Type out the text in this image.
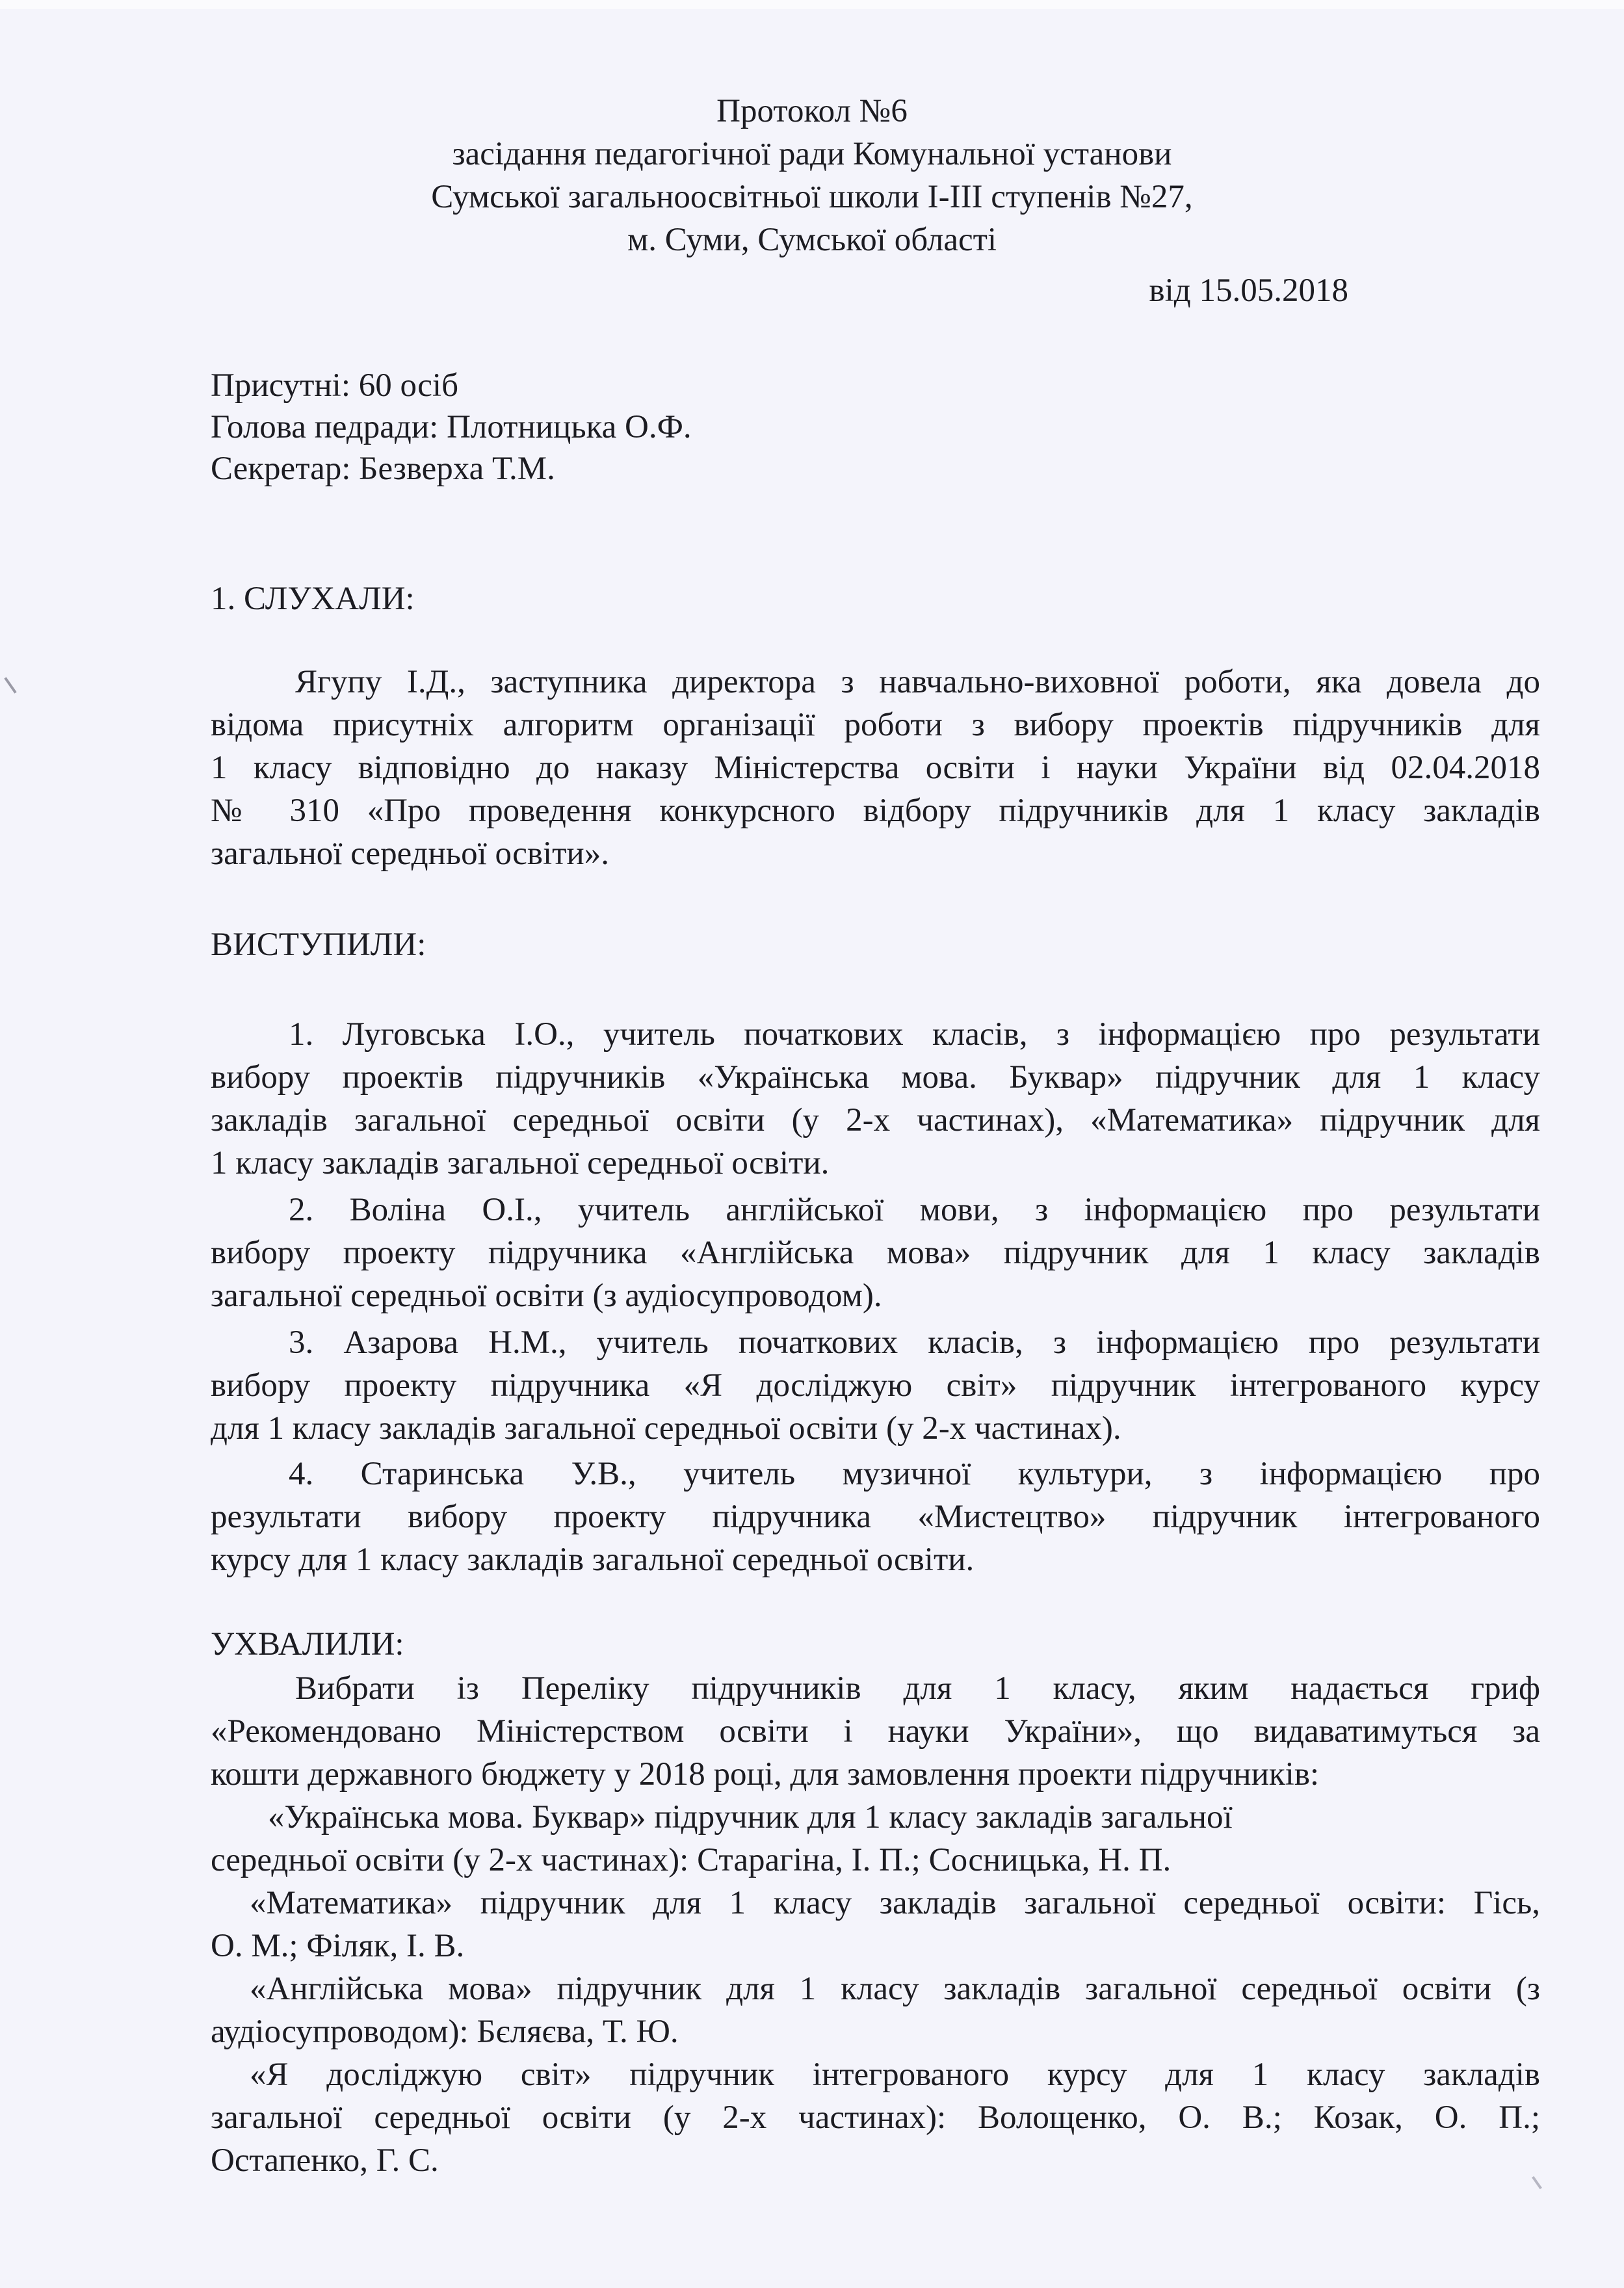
Протокол №6
засідання педагогічної ради Комунальної установи
Сумської загальноосвітньої школи І-ІІІ ступенів №27,
м. Суми, Сумської області
від 15.05.2018
Присутні: 60 осіб
Голова педради: Плотницька О.Ф.
Секретар: Безверха Т.М.
1. СЛУХАЛИ:
Ягупу І.Д., заступника директора з навчально-виховної роботи, яка довела до
відома присутніх алгоритм організації роботи з вибору проектів підручників для
1 класу відповідно до наказу Міністерства освіти і науки України від 02.04.2018
№ 310 «Про проведення конкурсного відбору підручників для 1 класу закладів
загальної середньої освіти».
ВИСТУПИЛИ:
1. Луговська І.О., учитель початкових класів, з інформацією про результати
вибору проектів підручників «Українська мова. Буквар» підручник для 1 класу
закладів загальної середньої освіти (у 2-х частинах), «Математика» підручник для
1 класу закладів загальної середньої освіти.
2. Воліна О.І., учитель англійської мови, з інформацією про результати
вибору проекту підручника «Англійська мова» підручник для 1 класу закладів
загальної середньої освіти (з аудіосупроводом).
3. Азарова Н.М., учитель початкових класів, з інформацією про результати
вибору проекту підручника «Я досліджую світ» підручник інтегрованого курсу
для 1 класу закладів загальної середньої освіти (у 2-х частинах).
4. Старинська У.В., учитель музичної культури, з інформацією про
результати вибору проекту підручника «Мистецтво» підручник інтегрованого
курсу для 1 класу закладів загальної середньої освіти.
УХВАЛИЛИ:
Вибрати із Переліку підручників для 1 класу, яким надається гриф
«Рекомендовано Міністерством освіти і науки України», що видаватимуться за
кошти державного бюджету у 2018 році, для замовлення проекти підручників:
«Українська мова. Буквар» підручник для 1 класу закладів загальної
середньої освіти (у 2-х частинах): Старагіна, І. П.; Сосницька, Н. П.
«Математика» підручник для 1 класу закладів загальної середньої освіти: Гісь,
О. М.; Філяк, І. В.
«Англійська мова» підручник для 1 класу закладів загальної середньої освіти (з
аудіосупроводом): Бєляєва, Т. Ю.
«Я досліджую світ» підручник інтегрованого курсу для 1 класу закладів
загальної середньої освіти (у 2-х частинах): Волощенко, О. В.; Козак, О. П.;
Остапенко, Г. С.
